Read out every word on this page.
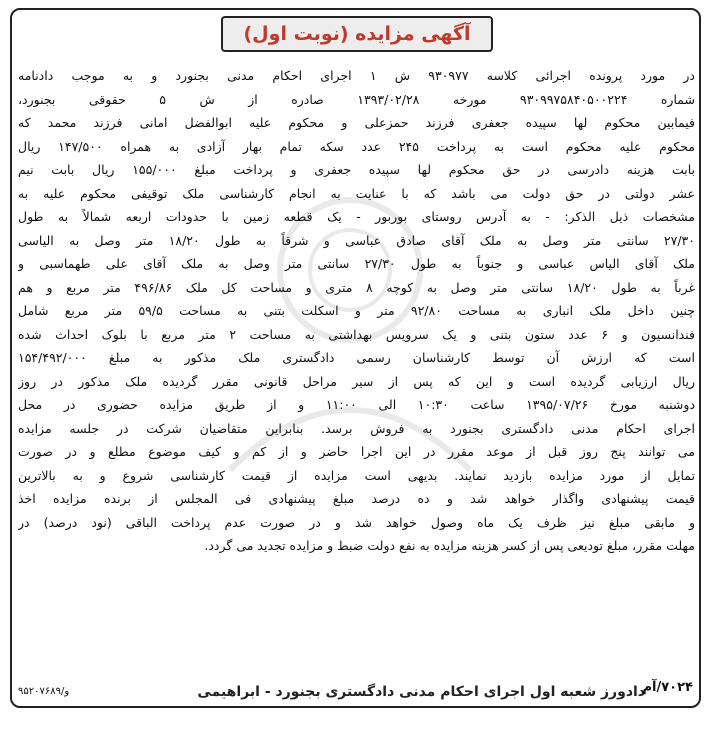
آگهی مزایده (نوبت اول)
در مورد پرونده اجرائی کلاسه ۹۳۰۹۷۷ ش ۱ اجرای احکام مدنی بجنورد و به موجب دادنامه
شماره ۹۳۰۹۹۷۵۸۴۰۵۰۰۲۲۴ مورخه ۱۳۹۳/۰۲/۲۸ صادره از ش ۵ حقوقی بجنورد،
فیمابین محکوم لها سپیده جعفری فرزند حمزعلی و محکوم علیه ابوالفضل امانی فرزند محمد که
محکوم علیه محکوم است به پرداخت ۲۴۵ عدد سکه تمام بهار آزادی به همراه ۱۴۷/۵۰۰ ریال
بابت هزینه دادرسی در حق محکوم لها سپیده جعفری و پرداخت مبلغ ۱۵۵/۰۰۰ ریال بابت نیم
عشر دولتی در حق دولت می باشد که با عنایت به انجام کارشناسی ملک توقیفی محکوم علیه به
مشخصات ذیل الذکر: - به آدرس روستای بوربور - یک قطعه زمین با حدودات اربعه شمالاً به طول
۲۷/۳۰ سانتی متر وصل به ملک آقای صادق عباسی و شرقاً به طول ۱۸/۲۰ متر وصل به الیاسی
ملک آقای الیاس عباسی و جنوباً به طول ۲۷/۳۰ سانتی متر وصل به ملک آقای علی طهماسبی و
غرباً به طول ۱۸/۲۰ سانتی متر وصل به کوچه ۸ متری و مساحت کل ملک ۴۹۶/۸۶ متر مربع و هم
چنین داخل ملک انباری به مساحت ۹۲/۸۰ متر و اسکلت بتنی به مساحت ۵۹/۵ متر مربع شامل
فندانسیون و ۶ عدد ستون بتنی و یک سرویس بهداشتی به مساحت ۲ متر مربع با بلوک احداث شده
است که ارزش آن توسط کارشناسان رسمی دادگستری ملک مذکور به مبلغ ۱۵۴/۴۹۲/۰۰۰
ریال ارزیابی گردیده است و این که پس از سیر مراحل قانونی مقرر گردیده ملک مذکور در روز
دوشنبه مورخ ۱۳۹۵/۰۷/۲۶ ساعت ۱۰:۳۰ الی ۱۱:۰۰ و از طریق مزایده حضوری در محل
اجرای احکام مدنی دادگستری بجنورد به فروش برسد. بنابراین متقاضیان شرکت در جلسه مزایده
می توانند پنج روز قبل از موعد مقرر در این اجرا حاضر و از کم و کیف موضوع مطلع و در صورت
تمایل از مورد مزایده بازدید نمایند. بدیهی است مزایده از قیمت کارشناسی شروع و به بالاترین
قیمت پیشنهادی واگذار خواهد شد و ده درصد مبلغ پیشنهادی فی المجلس از برنده مزایده اخذ
و مابقی مبلغ نیز ظرف یک ماه وصول خواهد شد و در صورت عدم پرداخت الباقی (نود درصد) در
مهلت مقرر، مبلغ تودیعی پس از کسر هزینه مزایده به نفع دولت ضبط و مزایده تجدید می گردد.
۷۰۲۴/آم
دادورز شعبه اول اجرای احکام مدنی دادگستری بجنورد - ابراهیمی
و/۹۵۲۰۷۶۸۹
